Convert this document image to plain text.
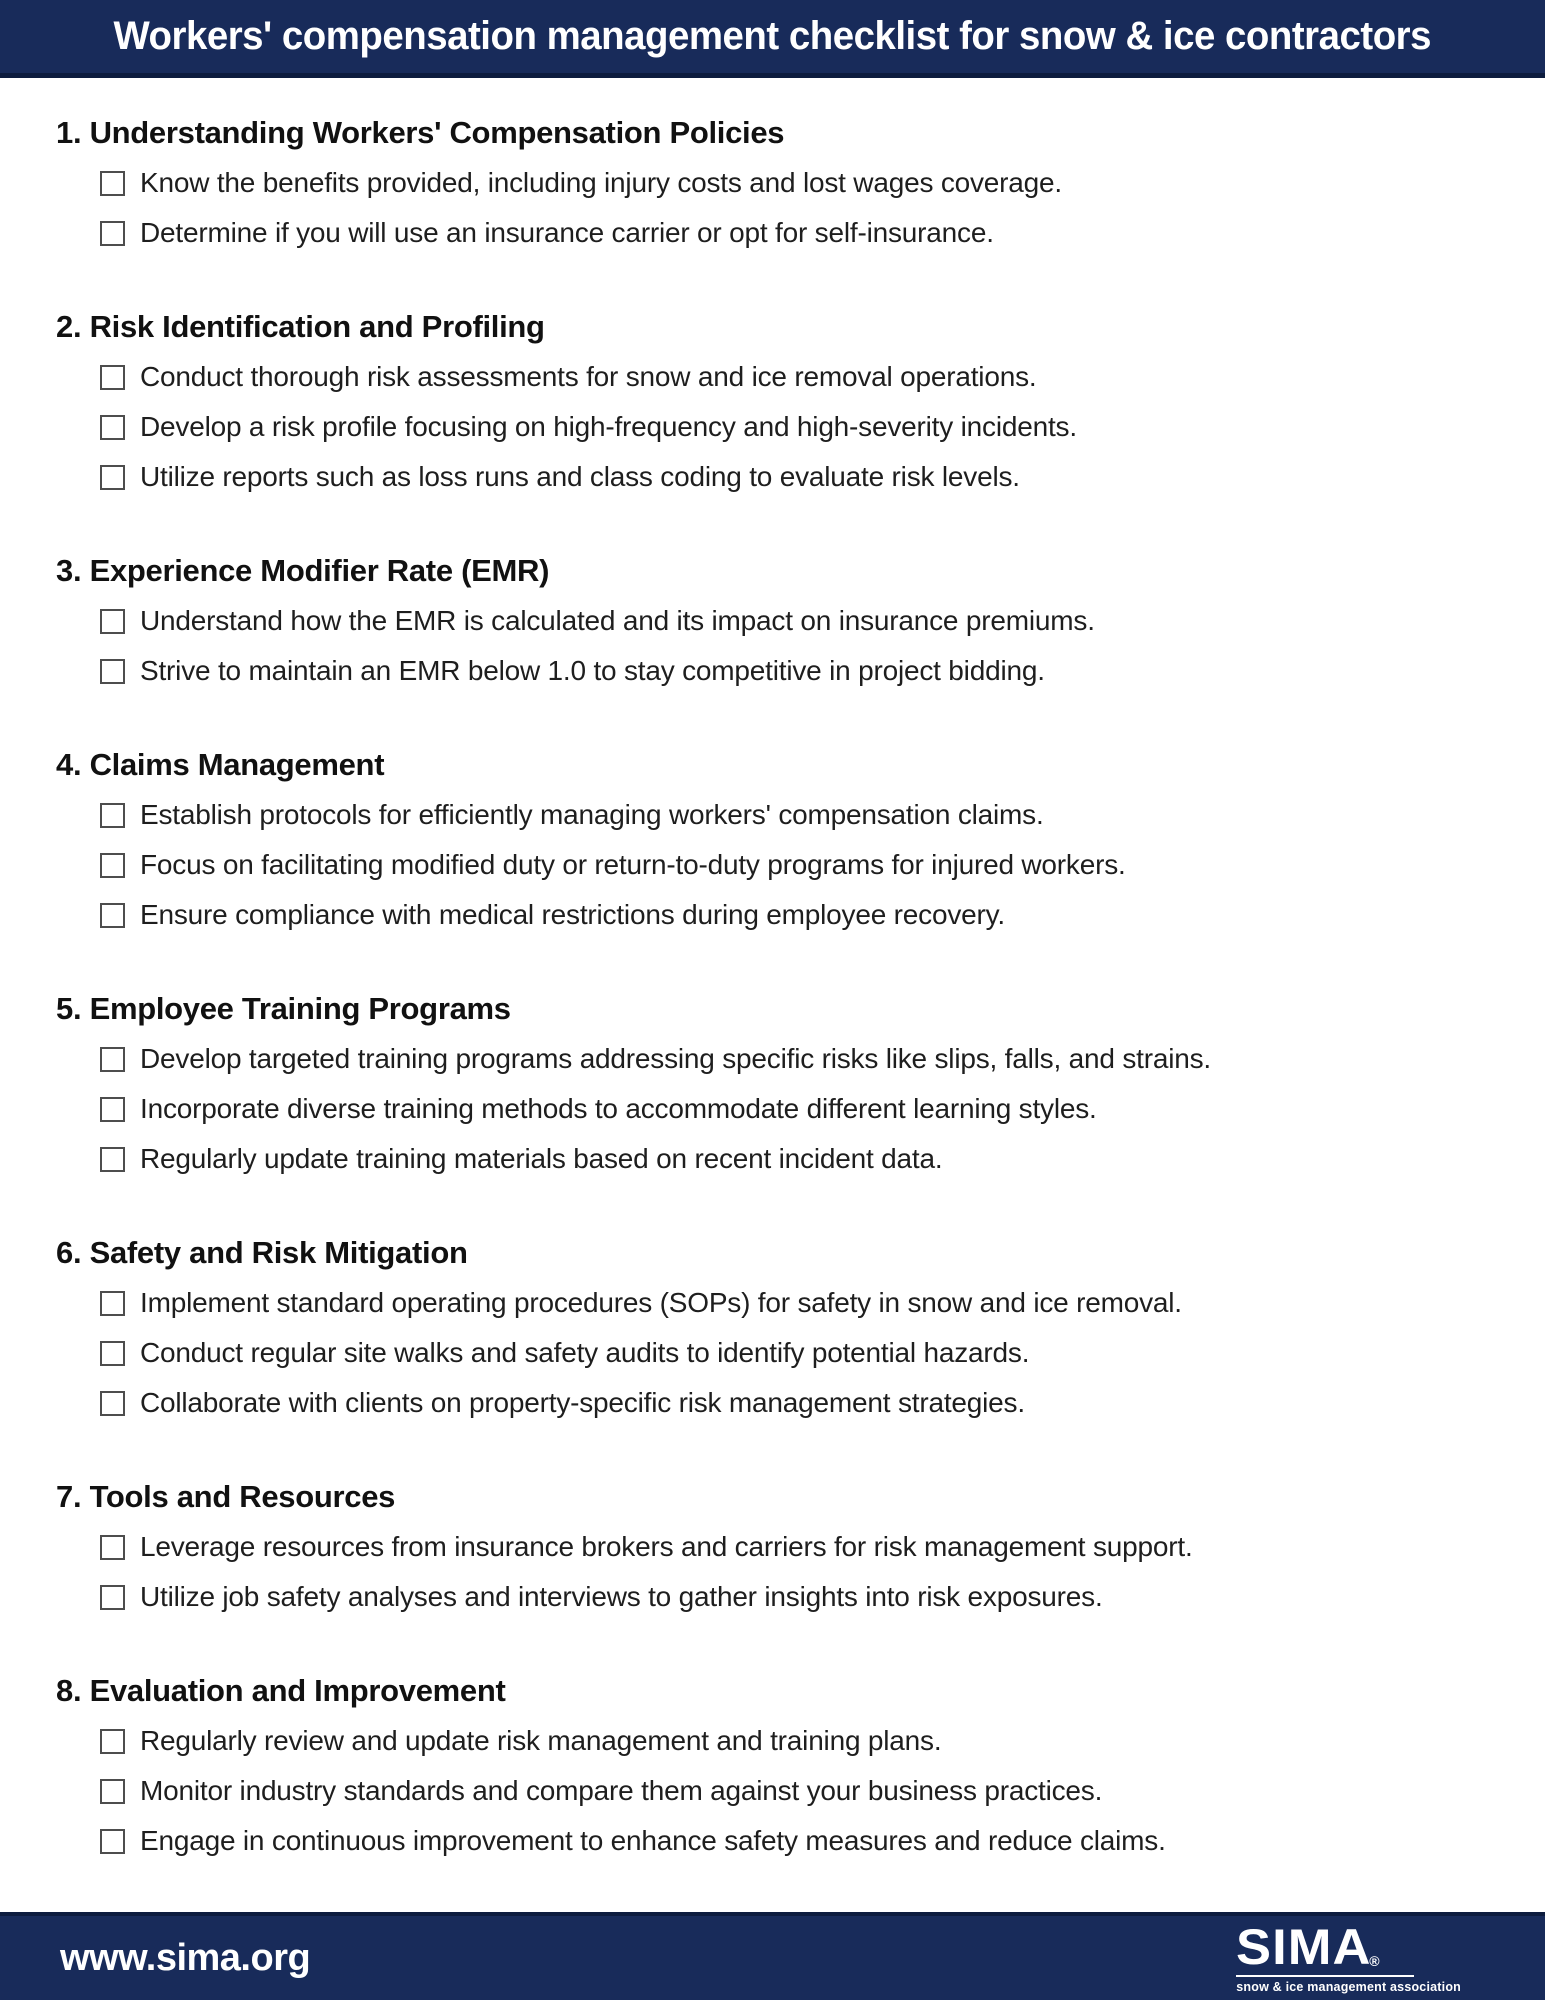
Workers' compensation management checklist for snow & ice contractors
1. Understanding Workers' Compensation Policies
Know the benefits provided, including injury costs and lost wages coverage.
Determine if you will use an insurance carrier or opt for self-insurance.
2. Risk Identification and Profiling
Conduct thorough risk assessments for snow and ice removal operations.
Develop a risk profile focusing on high-frequency and high-severity incidents.
Utilize reports such as loss runs and class coding to evaluate risk levels.
3. Experience Modifier Rate (EMR)
Understand how the EMR is calculated and its impact on insurance premiums.
Strive to maintain an EMR below 1.0 to stay competitive in project bidding.
4. Claims Management
Establish protocols for efficiently managing workers' compensation claims.
Focus on facilitating modified duty or return-to-duty programs for injured workers.
Ensure compliance with medical restrictions during employee recovery.
5. Employee Training Programs
Develop targeted training programs addressing specific risks like slips, falls, and strains.
Incorporate diverse training methods to accommodate different learning styles.
Regularly update training materials based on recent incident data.
6. Safety and Risk Mitigation
Implement standard operating procedures (SOPs) for safety in snow and ice removal.
Conduct regular site walks and safety audits to identify potential hazards.
Collaborate with clients on property-specific risk management strategies.
7. Tools and Resources
Leverage resources from insurance brokers and carriers for risk management support.
Utilize job safety analyses and interviews to gather insights into risk exposures.
8. Evaluation and Improvement
Regularly review and update risk management and training plans.
Monitor industry standards and compare them against your business practices.
Engage in continuous improvement to enhance safety measures and reduce claims.
www.sima.org	SIMA
®
snow & ice management association
